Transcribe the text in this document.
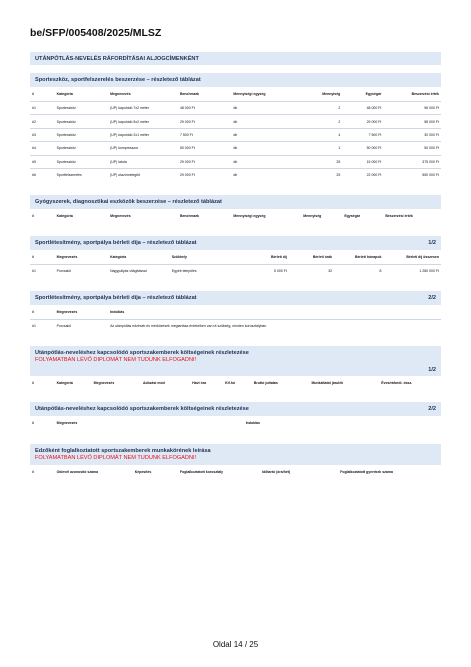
be/SFP/005408/2025/MLSZ
UTÁNPÓTLÁS-NEVELÉS RÁFORDÍTÁSAI ALJOGCÍMENKÉNT
Sporteszköz, sportfelszerelés beszerzése – részletező táblázat
#	Kategória	Megnevezés	Benchmark	Mennyiségi egység	Mennyiség	Egységár	Beszerzési érték
#1	Sporteszköz	(UP) kapuháló 7x2 méter	48 000 Ft	db	2	48 000 Ft	96 000 Ft
#2	Sporteszköz	(UP) kapuháló 5x2 méter	29 000 Ft	db	2	29 000 Ft	58 000 Ft
#3	Sporteszköz	(UP) kapuháló 2x1 méter	7 500 Ft	db	4	7 500 Ft	30 000 Ft
#4	Sporteszköz	(UP) kompresszor	50 000 Ft	db	1	50 000 Ft	50 000 Ft
#5	Sporteszköz	(UP) labda	29 000 Ft	db	25	15 000 Ft	375 000 Ft
#6	Sportfelszerelés	(UP) utazómelegítő	29 000 Ft	db	25	22 000 Ft	550 000 Ft
Gyógyszerek, diagnosztikai eszközök beszerzése – részletező táblázat
#	Kategória	Megnevezés	Benchmark	Mennyiségi egység	Mennyiség	Egységár	Beszerzési érték
Sportlétesítmény, sportpálya bérleti díja – részletező táblázat	1/2
#	Megnevezés	Kategória	Szökhely	Bérleti díj	Bérleti órák	Bérleti hónapok	Bérleti díj összesen
#1	Porcsalói	Nagypályás világítással	Egyéb település	5 000 Ft	32	8	1 280 000 Ft
Sportlétesítmény, sportpálya bérleti díja – részletező táblázat	2/2
#	Megnevezés	Indoklás
#1	Porcsalói	Az utánpótlás edzések és mérkőzések megtartása érdekében van rá szükség, minden korosztályban
Utánpótlás-neveléshez kapcsolódó sportszakemberek költségeinek részletezése
FOLYAMATBAN LÉVŐ DIPLOMÁT NEM TUDUNK ELFOGADNI!
1/2
#	Kategória	Megnevezés	Adózási mód	Havi óra	Kif.hó	Bruttó juttatás	Munkáltatói járulék	Éves/ráfordí. össz.
Utánpótlás-neveléshez kapcsolódó sportszakemberek költségeinek részletezése	2/2
#	Megnevezés	Indoklás
Edzőként foglalkoztatott sportszakemberek munkakörének leírása
FOLYAMATBAN LÉVŐ DIPLOMÁT NEM TUDUNK ELFOGADNI!
#	Oklevél azonosító száma	Képesítés	Foglalkoztatott korosztály	Időtartó (óra/hét)	Foglalkoztatott gyerekek száma
Oldal 14 / 25
